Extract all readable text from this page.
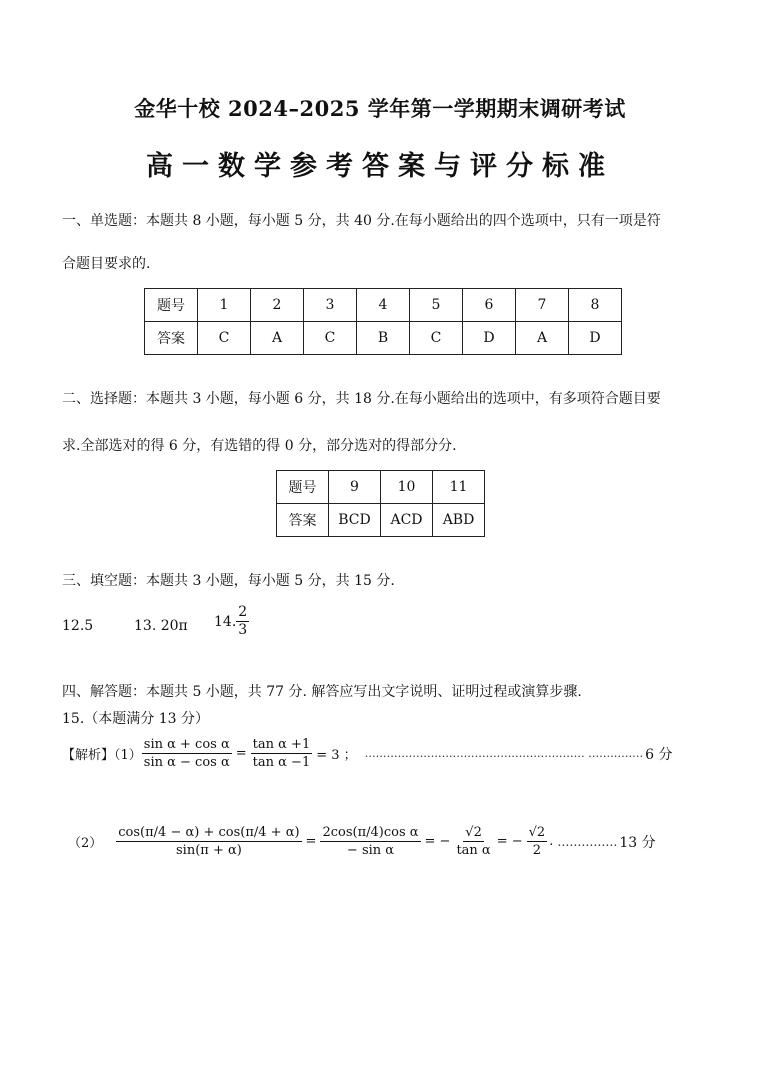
金华十校 2024–2025 学年第一学期期末调研考试
高一数学参考答案与评分标准
一、单选题：本题共 8 小题，每小题 5 分，共 40 分.在每小题给出的四个选项中，只有一项是符
合题目要求的.
题号	1	2	3	4	5	6	7	8
答案	C	A	C	B	C	D	A	D
二、选择题：本题共 3 小题，每小题 6 分，共 18 分.在每小题给出的选项中，有多项符合题目要
求.全部选对的得 6 分，有选错的得 0 分，部分选对的得部分分.
题号	9	10	11
答案	BCD	ACD	ABD
三、填空题：本题共 3 小题，每小题 5 分，共 15 分.
12.5	13. 20π 14. $\frac{2}{3}$
四、解答题：本题共 5 小题，共 77 分. 解答应写出文字说明、证明过程或演算步骤.
15.（本题满分 13 分）
【解析】$(1) \frac{\text{sin α + cos α}}{\text{sin α − cos α}} = \frac{\text{tan α +1}}{\text{tan α −1}} = 3$ ； …………………………………………………… …………… 6 分
$(2) \frac{\cos(\pi/4 - \alpha) + \cos(\pi/4 + \alpha)}{\sin(\pi + \alpha)} = \frac{\text{2cos(π/4)cos α}}{\text{− sin α}}$ = − $\frac{√2}{\text{tan α}}$ = − $\frac{√2}{2}$ . …………… 13 分
